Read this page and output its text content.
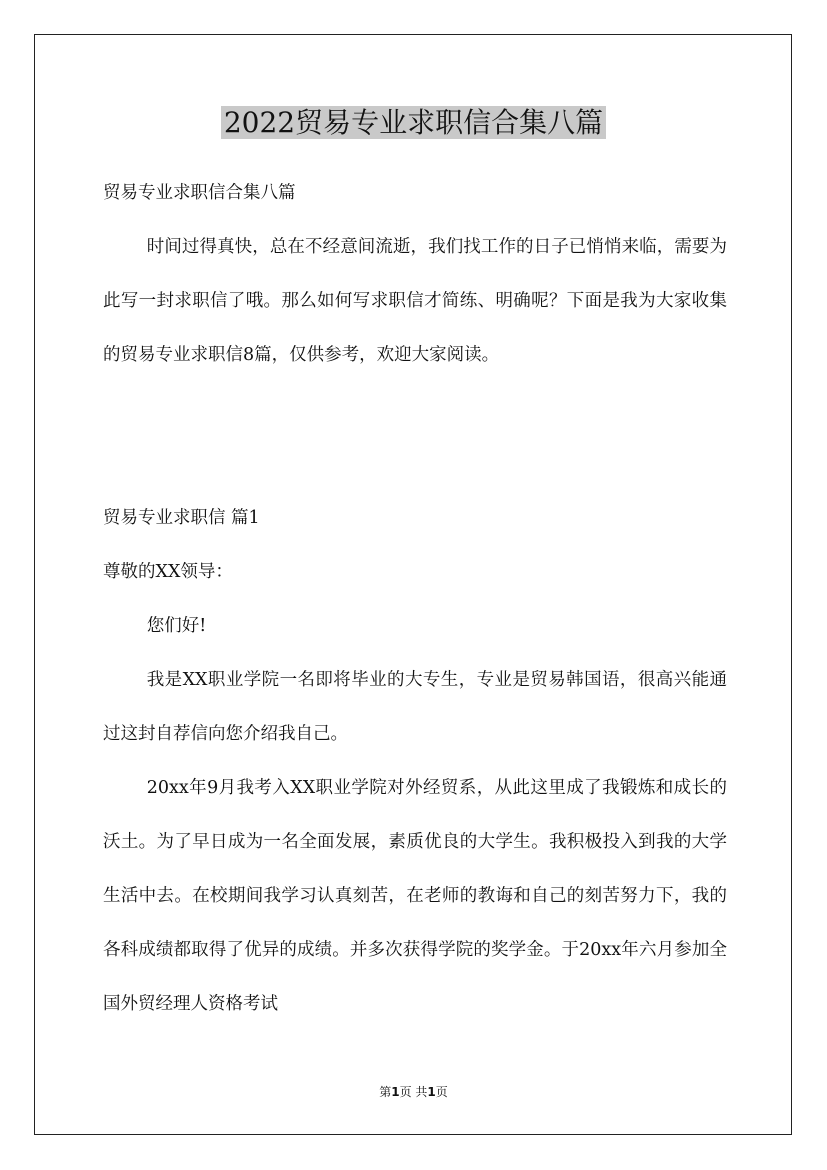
2022贸易专业求职信合集八篇

贸易专业求职信合集八篇

时间过得真快，总在不经意间流逝，我们找工作的日子已悄悄来临，需要为此写一封求职信了哦。那么如何写求职信才简练、明确呢？下面是我为大家收集的贸易专业求职信8篇，仅供参考，欢迎大家阅读。

贸易专业求职信 篇1

尊敬的XX领导：

您们好!

我是XX职业学院一名即将毕业的大专生，专业是贸易韩国语，很高兴能通过这封自荐信向您介绍我自己。

20xx年9月我考入XX职业学院对外经贸系，从此这里成了我锻炼和成长的沃土。为了早日成为一名全面发展，素质优良的大学生。我积极投入到我的大学生活中去。在校期间我学习认真刻苦，在老师的教诲和自己的刻苦努力下，我的各科成绩都取得了优异的成绩。并多次获得学院的奖学金。于20xx年六月参加全国外贸经理人资格考试

第1页 共1页
